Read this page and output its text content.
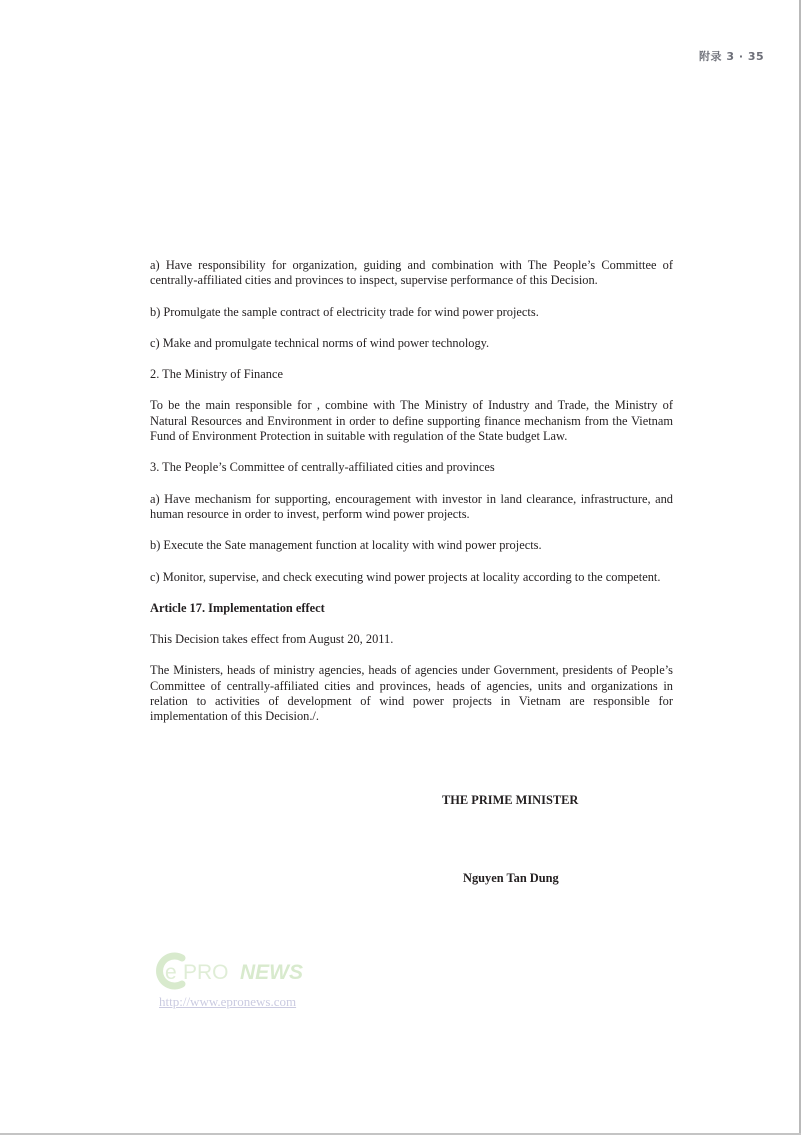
附录 3 · 35

a) Have responsibility for organization, guiding and combination with The People’s Committee of centrally-affiliated cities and provinces to inspect, supervise performance of this Decision.

b) Promulgate the sample contract of electricity trade for wind power projects.

c) Make and promulgate technical norms of wind power technology.

2. The Ministry of Finance

To be the main responsible for , combine with The Ministry of Industry and Trade, the Ministry of Natural Resources and Environment in order to define supporting finance mechanism from the Vietnam Fund of Environment Protection in suitable with regulation of the State budget Law.

3. The People’s Committee of centrally-affiliated cities and provinces

a) Have mechanism for supporting, encouragement with investor in land clearance, infrastructure, and human resource in order to invest, perform wind power projects.

b) Execute the Sate management function at locality with wind power projects.

c) Monitor, supervise, and check executing wind power projects at locality according to the competent.

Article 17. Implementation effect

This Decision takes effect from August 20, 2011.

The Ministers, heads of ministry agencies, heads of agencies under Government, presidents of People’s Committee of centrally-affiliated cities and provinces, heads of agencies, units and organizations in relation to activities of development of wind power projects in Vietnam are responsible for implementation of this Decision./.

THE PRIME MINISTER
Nguyen Tan Dung
e PRO NEWS
http://www.epronews.com
